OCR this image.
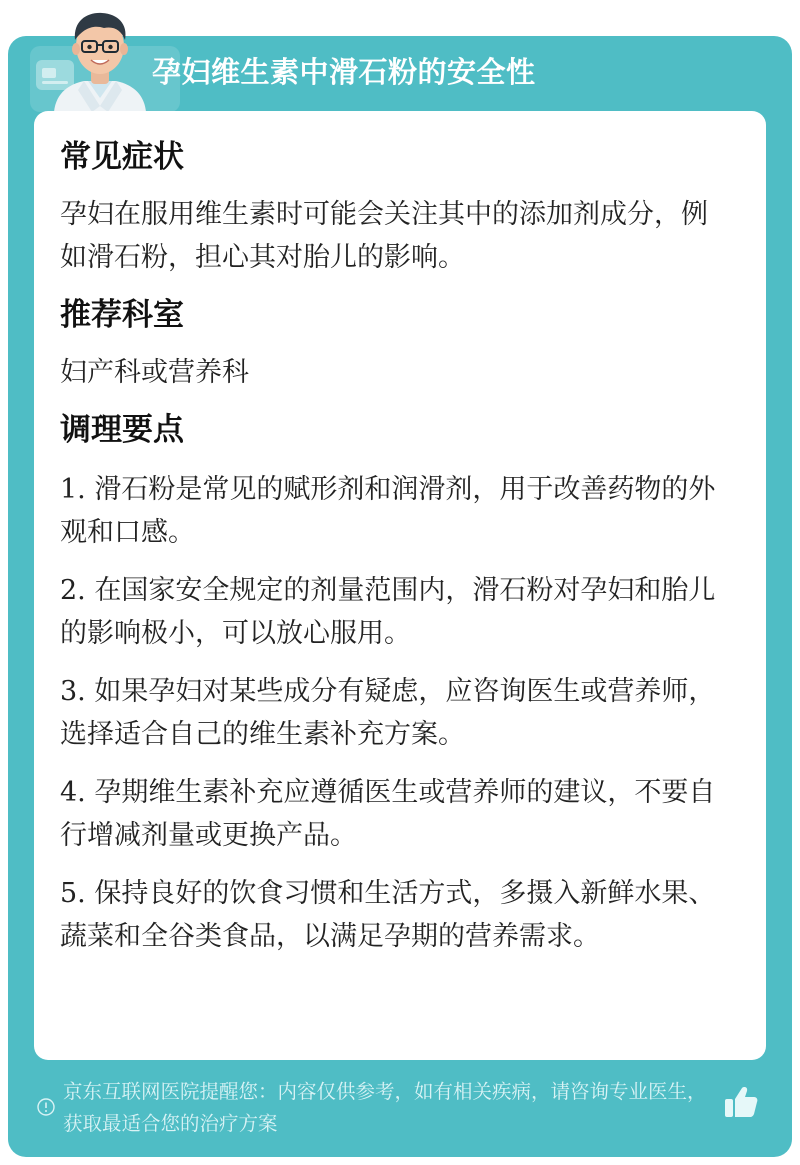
孕妇维生素中滑石粉的安全性
常见症状

孕妇在服用维生素时可能会关注其中的添加剂成分，例如滑石粉，担心其对胎儿的影响。

推荐科室

妇产科或营养科

调理要点

1. 滑石粉是常见的赋形剂和润滑剂，用于改善药物的外观和口感。

2. 在国家安全规定的剂量范围内，滑石粉对孕妇和胎儿的影响极小，可以放心服用。

3. 如果孕妇对某些成分有疑虑，应咨询医生或营养师，选择适合自己的维生素补充方案。

4. 孕期维生素补充应遵循医生或营养师的建议，不要自行增减剂量或更换产品。

5. 保持良好的饮食习惯和生活方式，多摄入新鲜水果、蔬菜和全谷类食品，以满足孕期的营养需求。

京东互联网医院提醒您：内容仅供参考，如有相关疾病，请咨询专业医生，获取最适合您的治疗方案
